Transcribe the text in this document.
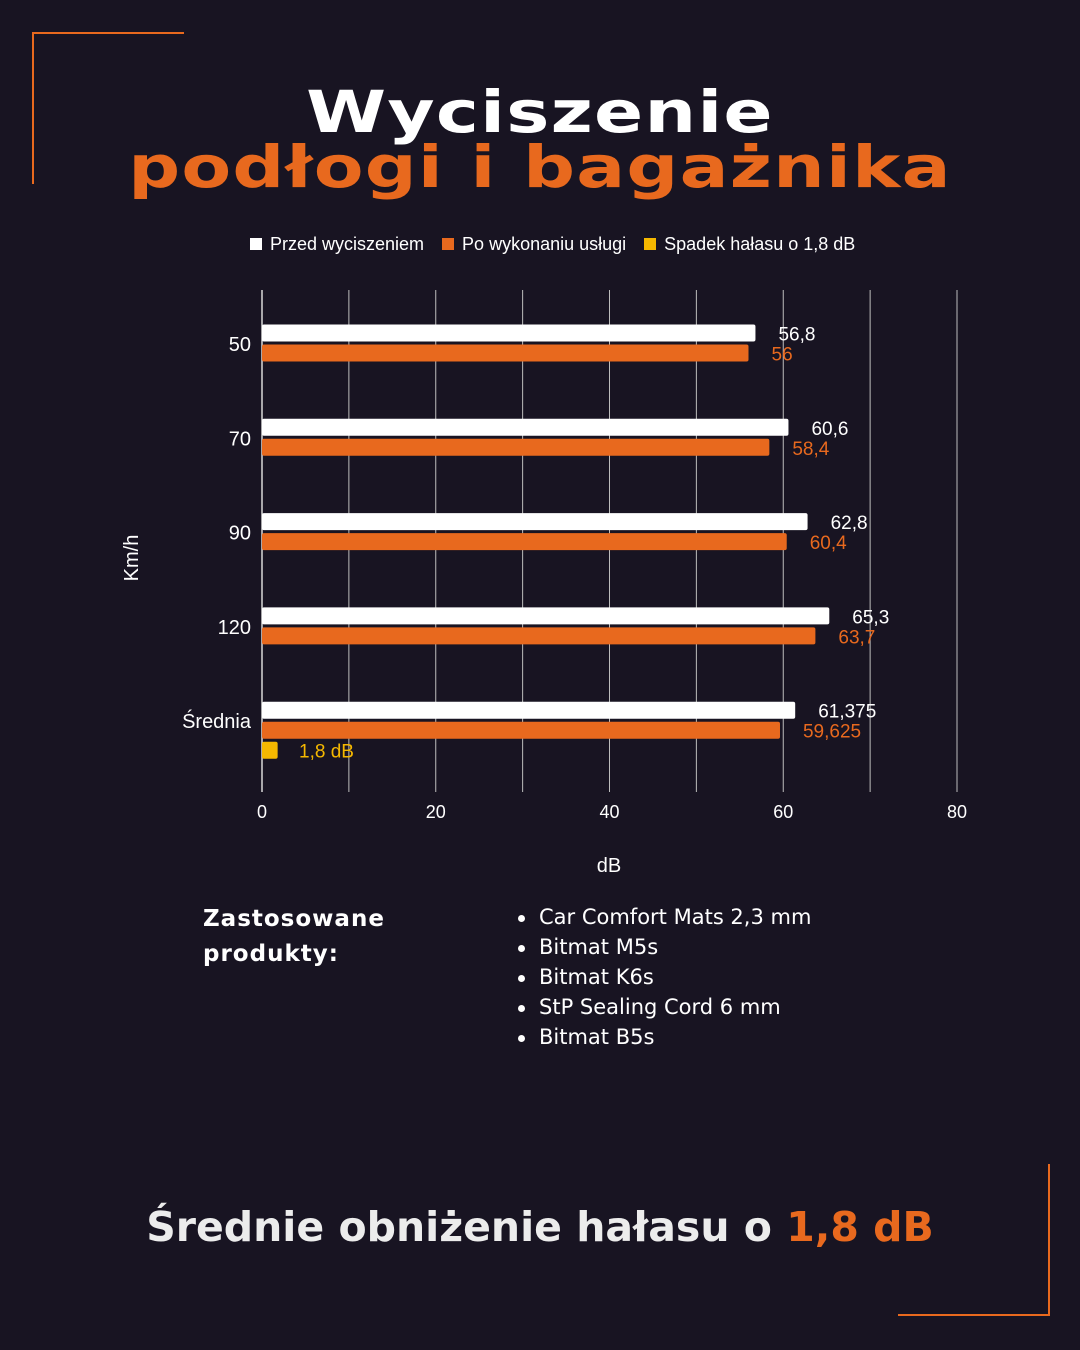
Wyciszenie
podłogi i bagażnika
Przed wyciszeniem Po wykonaniu usługi Spadek hałasu o 1,8 dB
0	20	40	60	80
dB
Km/h
50	56,8
56
70	60,6
58,4
90	62,8
60,4
120	65,3
63,7
Średnia	61,375
59,625
1,8 dB
Zastosowane produkty:
Car Comfort Mats 2,3 mm
Bitmat M5s
Bitmat K6s
StP Sealing Cord 6 mm
Bitmat B5s
Średnie obniżenie hałasu o 1,8 dB
